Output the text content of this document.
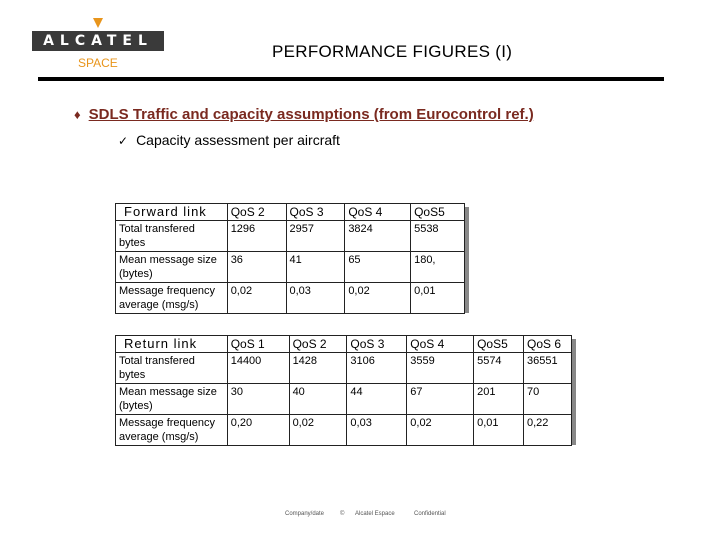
ALCATEL
SPACE
PERFORMANCE FIGURES (I)
♦ SDLS Traffic and capacity assumptions (from Eurocontrol ref.)
✓ Capacity assessment per aircraft
Forward link	QoS 2	QoS 3	QoS 4	QoS5
Total transfered bytes	1296	2957	3824	5538
Mean message size (bytes)	36	41	65	180,
Message frequency average (msg/s)	0,02	0,03	0,02	0,01
Return link	QoS 1	QoS 2	QoS 3	QoS 4	QoS5	QoS 6
Total transfered bytes	14400	1428	3106	3559	5574	36551
Mean message size (bytes)	30	40	44	67	201	70
Message frequency average (msg/s)	0,20	0,02	0,03	0,02	0,01	0,22
Company/date	© Alcatel Espace	Confidential
